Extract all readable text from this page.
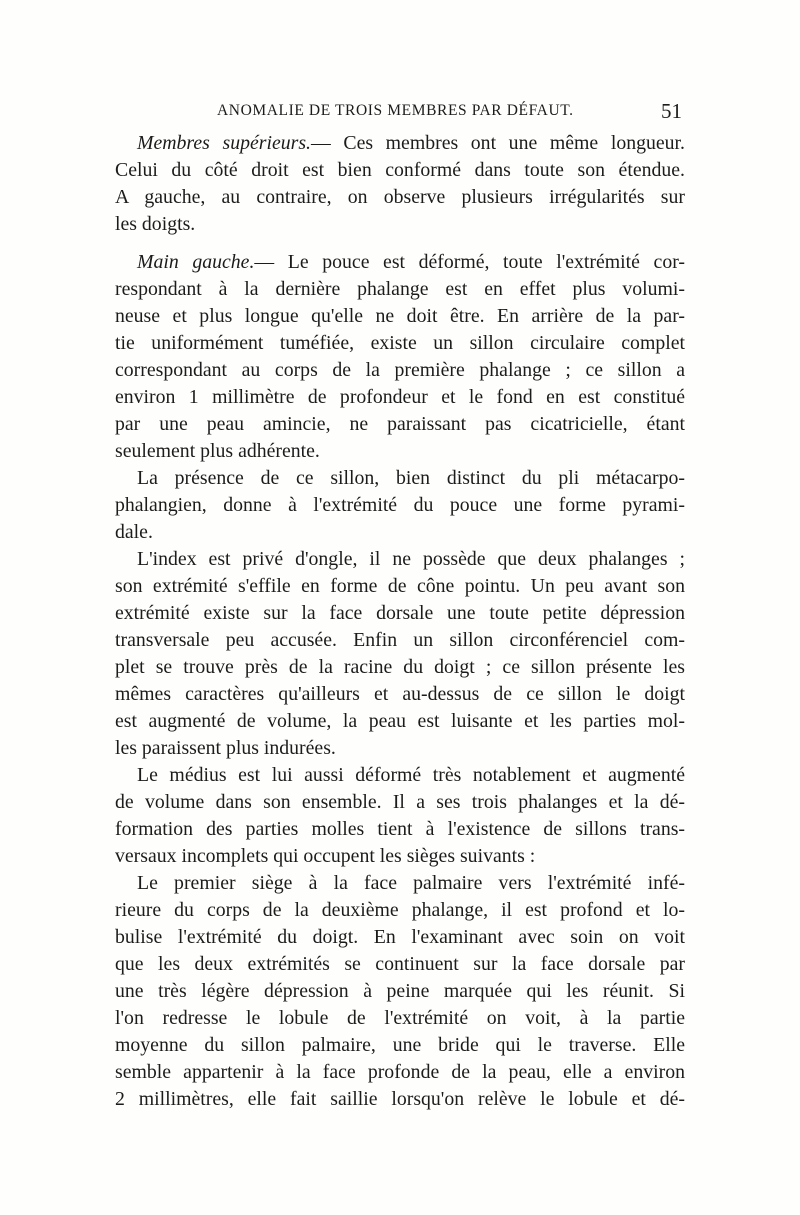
ANOMALIE DE TROIS MEMBRES PAR DÉFAUT.	51
Membres supérieurs.— Ces membres ont une même longueur.
Celui du côté droit est bien conformé dans toute son étendue.
A gauche, au contraire, on observe plusieurs irrégularités sur
les doigts.
Main gauche.— Le pouce est déformé, toute l'extrémité cor-
respondant à la dernière phalange est en effet plus volumi-
neuse et plus longue qu'elle ne doit être. En arrière de la par-
tie uniformément tuméfiée, existe un sillon circulaire complet
correspondant au corps de la première phalange ; ce sillon a
environ 1 millimètre de profondeur et le fond en est constitué
par une peau amincie, ne paraissant pas cicatricielle, étant
seulement plus adhérente.
La présence de ce sillon, bien distinct du pli métacarpo-
phalangien, donne à l'extrémité du pouce une forme pyrami-
dale.
L'index est privé d'ongle, il ne possède que deux phalanges ;
son extrémité s'effile en forme de cône pointu. Un peu avant son
extrémité existe sur la face dorsale une toute petite dépression
transversale peu accusée. Enfin un sillon circonférenciel com-
plet se trouve près de la racine du doigt ; ce sillon présente les
mêmes caractères qu'ailleurs et au-dessus de ce sillon le doigt
est augmenté de volume, la peau est luisante et les parties mol-
les paraissent plus indurées.
Le médius est lui aussi déformé très notablement et augmenté
de volume dans son ensemble. Il a ses trois phalanges et la dé-
formation des parties molles tient à l'existence de sillons trans-
versaux incomplets qui occupent les sièges suivants :
Le premier siège à la face palmaire vers l'extrémité infé-
rieure du corps de la deuxième phalange, il est profond et lo-
bulise l'extrémité du doigt. En l'examinant avec soin on voit
que les deux extrémités se continuent sur la face dorsale par
une très légère dépression à peine marquée qui les réunit. Si
l'on redresse le lobule de l'extrémité on voit, à la partie
moyenne du sillon palmaire, une bride qui le traverse. Elle
semble appartenir à la face profonde de la peau, elle a environ
2 millimètres, elle fait saillie lorsqu'on relève le lobule et dé-
